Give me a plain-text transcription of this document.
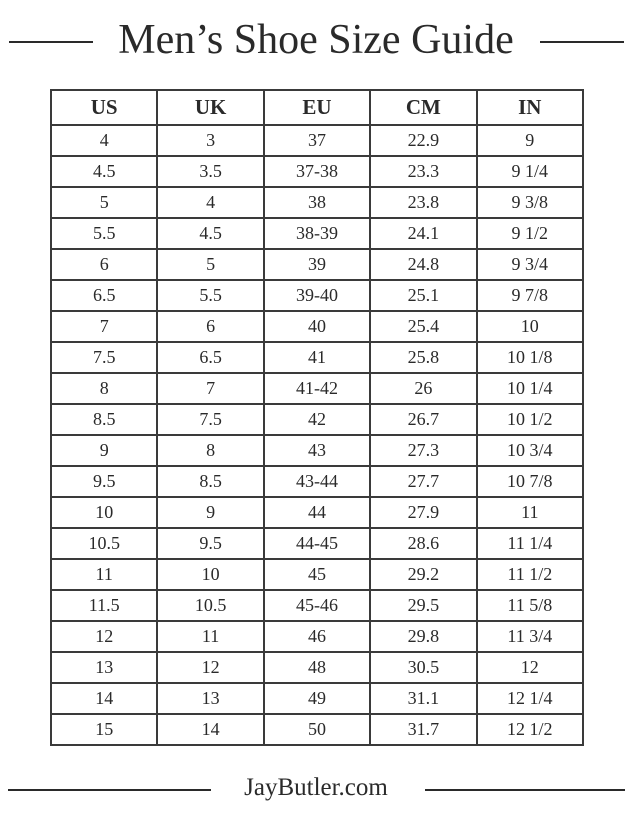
Men’s Shoe Size Guide
US	UK	EU	CM	IN
4	3	37	22.9	9
4.5	3.5	37-38	23.3	9 1/4
5	4	38	23.8	9 3/8
5.5	4.5	38-39	24.1	9 1/2
6	5	39	24.8	9 3/4
6.5	5.5	39-40	25.1	9 7/8
7	6	40	25.4	10
7.5	6.5	41	25.8	10 1/8
8	7	41-42	26	10 1/4
8.5	7.5	42	26.7	10 1/2
9	8	43	27.3	10 3/4
9.5	8.5	43-44	27.7	10 7/8
10	9	44	27.9	11
10.5	9.5	44-45	28.6	11 1/4
11	10	45	29.2	11 1/2
11.5	10.5	45-46	29.5	11 5/8
12	11	46	29.8	11 3/4
13	12	48	30.5	12
14	13	49	31.1	12 1/4
15	14	50	31.7	12 1/2
JayButler.com
